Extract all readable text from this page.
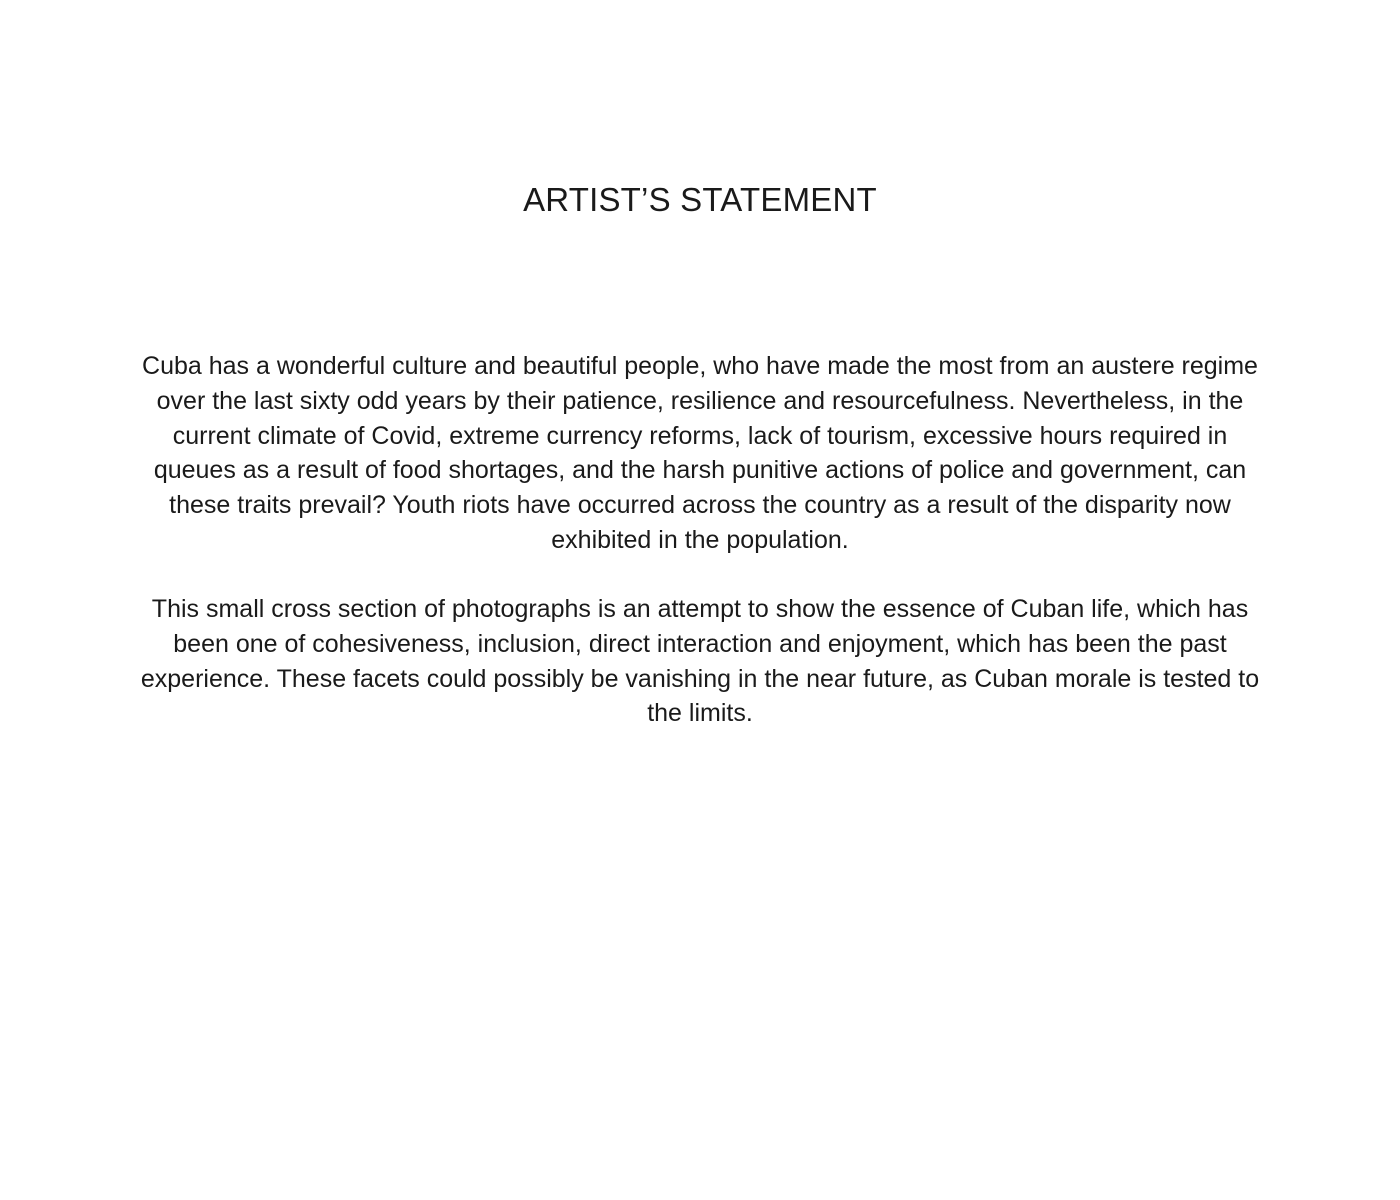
ARTIST’S STATEMENT

Cuba has a wonderful culture and beautiful people, who have made the most from an austere regime
over the last sixty odd years by their patience, resilience and resourcefulness. Nevertheless, in the
current climate of Covid, extreme currency reforms, lack of tourism, excessive hours required in
queues as a result of food shortages, and the harsh punitive actions of police and government, can
these traits prevail? Youth riots have occurred across the country as a result of the disparity now
exhibited in the population.

This small cross section of photographs is an attempt to show the essence of Cuban life, which has
been one of cohesiveness, inclusion, direct interaction and enjoyment, which has been the past
experience. These facets could possibly be vanishing in the near future, as Cuban morale is tested to
the limits.
